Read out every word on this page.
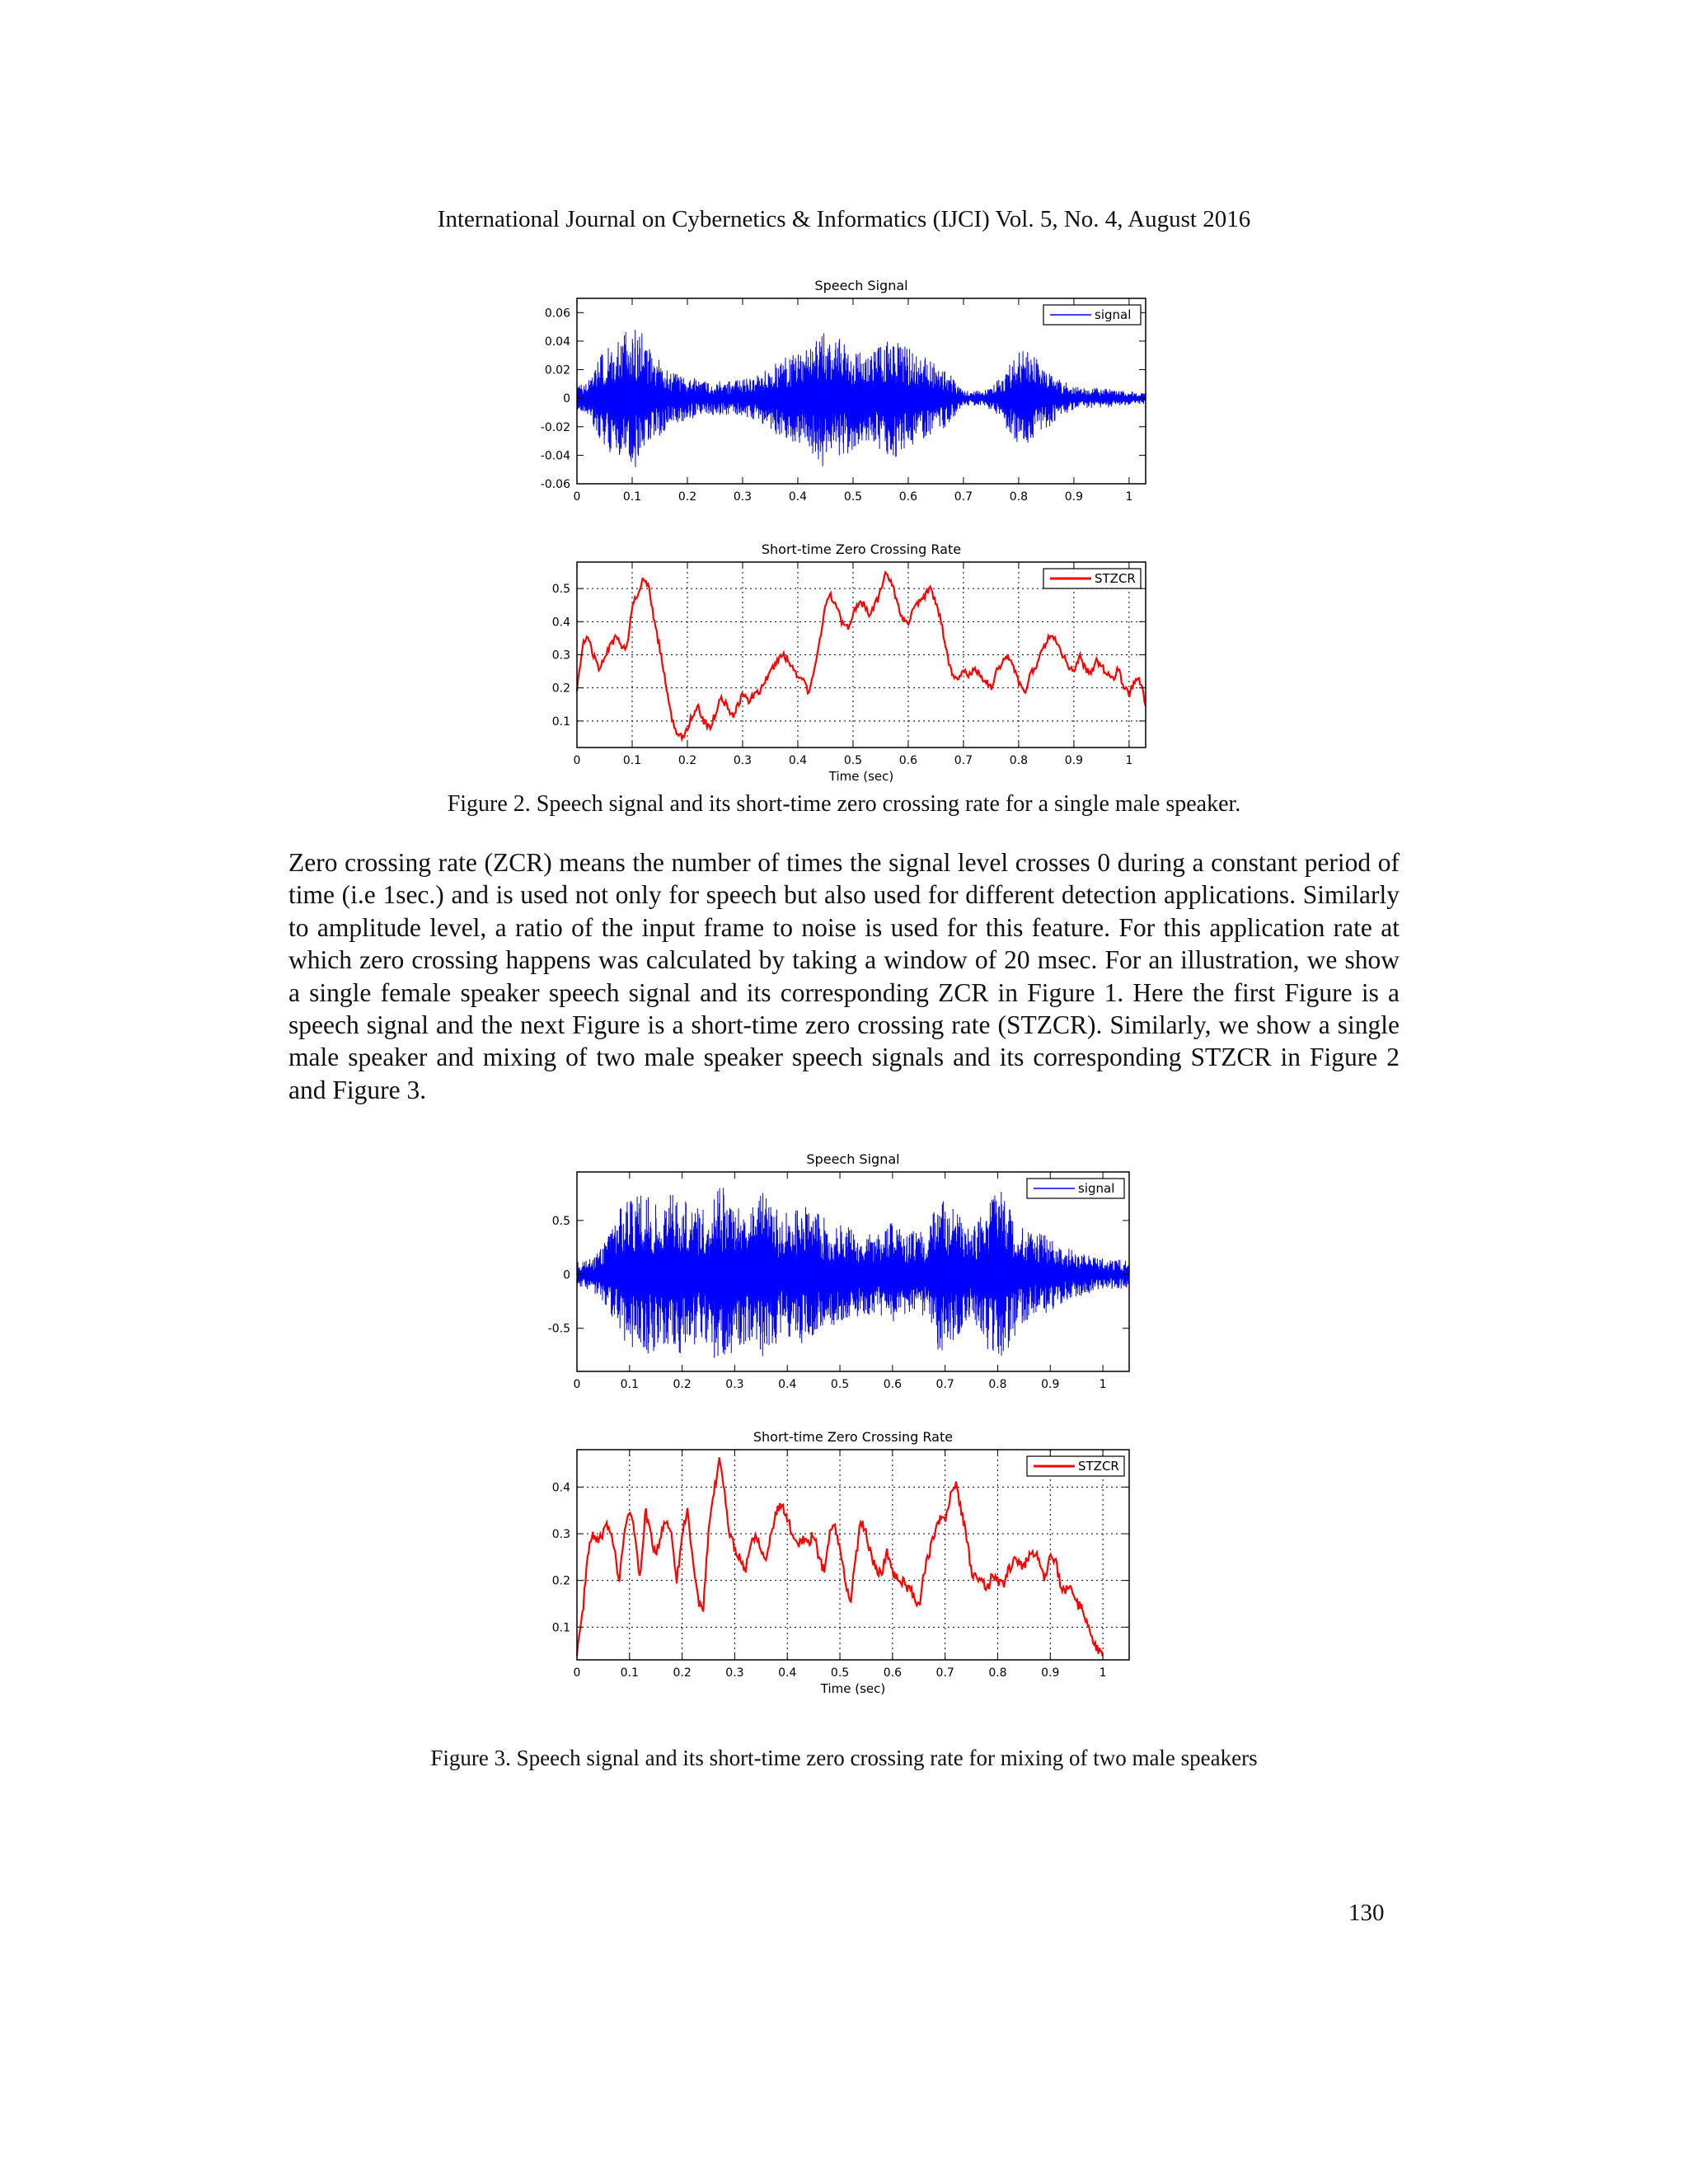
International Journal on Cybernetics & Informatics (IJCI) Vol. 5, No. 4, August 2016
Speech Signal
0	0.1	0.2	0.3	0.4	0.5	0.6	0.7	0.8	0.9	1
-0.06
-0.04
-0.02
0
0.02
0.04
0.06	signal
Short-time Zero Crossing Rate
0	0.1	0.2	0.3	0.4	0.5	0.6	0.7	0.8	0.9	1
0.1
0.2
0.3
0.4
0.5
Time (sec)
STZCR
Figure 2. Speech signal and its short-time zero crossing rate for a single male speaker.
Zero crossing rate (ZCR) means the number of times the signal level crosses 0 during a constant period of time (i.e 1sec.) and is used not only for speech but also used for different detection applications. Similarly to amplitude level, a ratio of the input frame to noise is used for this feature. For this application rate at which zero crossing happens was calculated by taking a window of 20 msec. For an illustration, we show a single female speaker speech signal and its corresponding ZCR in Figure 1. Here the first Figure is a speech signal and the next Figure is a short-time zero crossing rate (STZCR). Similarly, we show a single male speaker and mixing of two male speaker speech signals and its corresponding STZCR in Figure 2 and Figure 3.
Speech Signal
0	0.1	0.2	0.3	0.4	0.5	0.6	0.7	0.8	0.9	1
-0.5
0
0.5
signal
Short-time Zero Crossing Rate
0	0.1	0.2	0.3	0.4	0.5	0.6	0.7	0.8	0.9	1
0.1
0.2
0.3
0.4
Time (sec)
STZCR
Figure 3. Speech signal and its short-time zero crossing rate for mixing of two male speakers
130
